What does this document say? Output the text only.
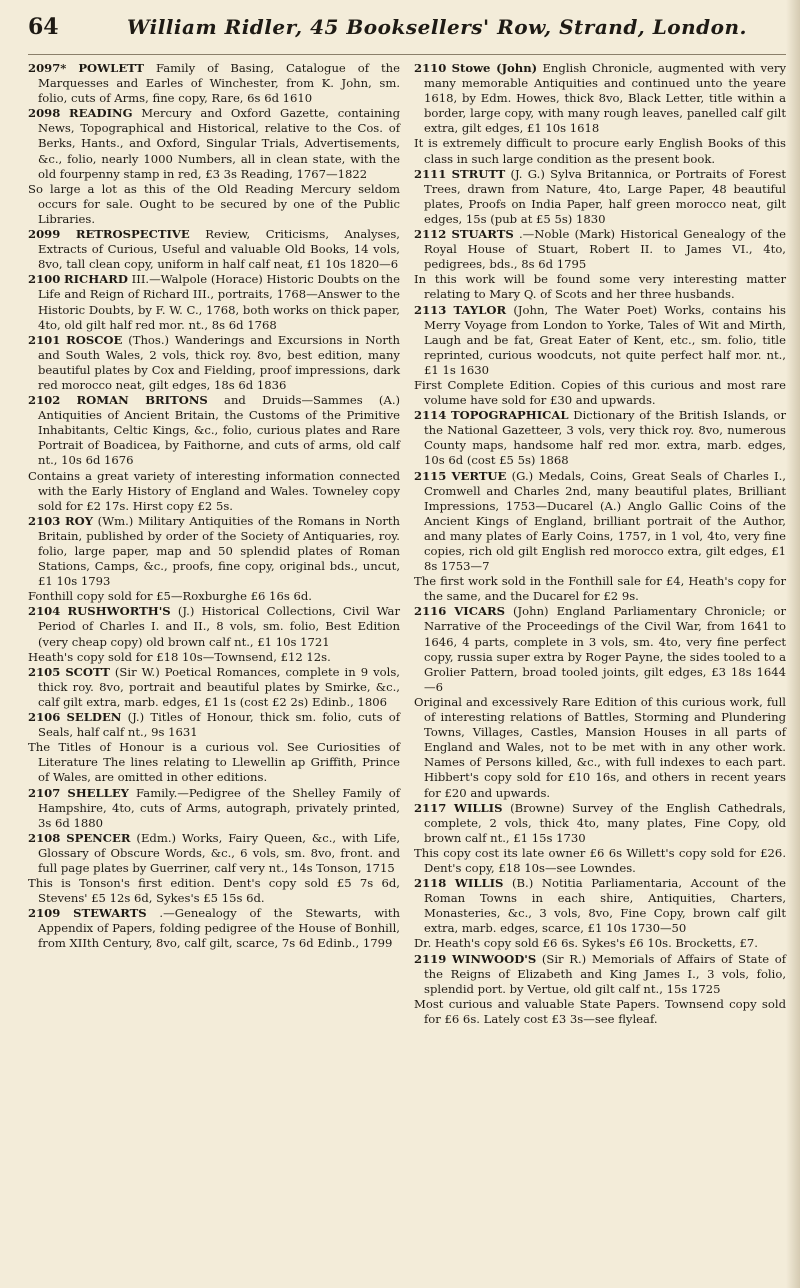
64	William Ridler, 45 Booksellers' Row, Strand, London.
2097* POWLETT Family of Basing, Catalogue of the Marquesses and Earles of Winchester, from K. John, sm. folio, cuts of Arms, fine copy, Rare, 6s 6d 1610
2098 READING Mercury and Oxford Gazette, containing News, Topographical and Historical, relative to the Cos. of Berks, Hants., and Oxford, Singular Trials, Advertisements, &c., folio, nearly 1000 Numbers, all in clean state, with the old fourpenny stamp in red, £3 3s Reading, 1767—1822
So large a lot as this of the Old Reading Mercury seldom occurs for sale. Ought to be secured by one of the Public Libraries.
2099 RETROSPECTIVE Review, Criticisms, Analyses, Extracts of Curious, Useful and valuable Old Books, 14 vols, 8vo, tall clean copy, uniform in half calf neat, £1 10s 1820—6
2100 RICHARD III.—Walpole (Horace) Historic Doubts on the Life and Reign of Richard III., portraits, 1768—Answer to the Historic Doubts, by F. W. C., 1768, both works on thick paper, 4to, old gilt half red mor. nt., 8s 6d 1768
2101 ROSCOE (Thos.) Wanderings and Excursions in North and South Wales, 2 vols, thick roy. 8vo, best edition, many beautiful plates by Cox and Fielding, proof impressions, dark red morocco neat, gilt edges, 18s 6d 1836
2102 ROMAN BRITONS and Druids—Sammes (A.) Antiquities of Ancient Britain, the Customs of the Primitive Inhabitants, Celtic Kings, &c., folio, curious plates and Rare Portrait of Boadicea, by Faithorne, and cuts of arms, old calf nt., 10s 6d 1676
Contains a great variety of interesting information connected with the Early History of England and Wales. Towneley copy sold for £2 17s. Hirst copy £2 5s.
2103 ROY (Wm.) Military Antiquities of the Romans in North Britain, published by order of the Society of Antiquaries, roy. folio, large paper, map and 50 splendid plates of Roman Stations, Camps, &c., proofs, fine copy, original bds., uncut, £1 10s 1793
Fonthill copy sold for £5—Roxburghe £6 16s 6d.
2104 RUSHWORTH'S (J.) Historical Collections, Civil War Period of Charles I. and II., 8 vols, sm. folio, Best Edition (very cheap copy) old brown calf nt., £1 10s 1721
Heath's copy sold for £18 10s—Townsend, £12 12s.
2105 SCOTT (Sir W.) Poetical Romances, complete in 9 vols, thick roy. 8vo, portrait and beautiful plates by Smirke, &c., calf gilt extra, marb. edges, £1 1s (cost £2 2s) Edinb., 1806
2106 SELDEN (J.) Titles of Honour, thick sm. folio, cuts of Seals, half calf nt., 9s 1631
The Titles of Honour is a curious vol. See Curiosities of Literature The lines relating to Llewellin ap Griffith, Prince of Wales, are omitted in other editions.
2107 SHELLEY Family.—Pedigree of the Shelley Family of Hampshire, 4to, cuts of Arms, autograph, privately printed, 3s 6d 1880
2108 SPENCER (Edm.) Works, Fairy Queen, &c., with Life, Glossary of Obscure Words, &c., 6 vols, sm. 8vo, front. and full page plates by Guerriner, calf very nt., 14s Tonson, 1715
This is Tonson's first edition. Dent's copy sold £5 7s 6d, Stevens' £5 12s 6d, Sykes's £5 15s 6d.
2109 STEWARTS .—Genealogy of the Stewarts, with Appendix of Papers, folding pedigree of the House of Bonhill, from XIIth Century, 8vo, calf gilt, scarce, 7s 6d Edinb., 1799
2110 Stowe (John) English Chronicle, augmented with very many memorable Antiquities and continued unto the yeare 1618, by Edm. Howes, thick 8vo, Black Letter, title within a border, large copy, with many rough leaves, panelled calf gilt extra, gilt edges, £1 10s 1618
It is extremely difficult to procure early English Books of this class in such large condition as the present book.
2111 STRUTT (J. G.) Sylva Britannica, or Portraits of Forest Trees, drawn from Nature, 4to, Large Paper, 48 beautiful plates, Proofs on India Paper, half green morocco neat, gilt edges, 15s (pub at £5 5s) 1830
2112 STUARTS .—Noble (Mark) Historical Genealogy of the Royal House of Stuart, Robert II. to James VI., 4to, pedigrees, bds., 8s 6d 1795
In this work will be found some very interesting matter relating to Mary Q. of Scots and her three husbands.
2113 TAYLOR (John, The Water Poet) Works, contains his Merry Voyage from London to Yorke, Tales of Wit and Mirth, Laugh and be fat, Great Eater of Kent, etc., sm. folio, title reprinted, curious woodcuts, not quite perfect half mor. nt., £1 1s 1630
First Complete Edition. Copies of this curious and most rare volume have sold for £30 and upwards.
2114 TOPOGRAPHICAL Dictionary of the British Islands, or the National Gazetteer, 3 vols, very thick roy. 8vo, numerous County maps, handsome half red mor. extra, marb. edges, 10s 6d (cost £5 5s) 1868
2115 VERTUE (G.) Medals, Coins, Great Seals of Charles I., Cromwell and Charles 2nd, many beautiful plates, Brilliant Impressions, 1753—Ducarel (A.) Anglo Gallic Coins of the Ancient Kings of England, brilliant portrait of the Author, and many plates of Early Coins, 1757, in 1 vol, 4to, very fine copies, rich old gilt English red morocco extra, gilt edges, £1 8s 1753—7
The first work sold in the Fonthill sale for £4, Heath's copy for the same, and the Ducarel for £2 9s.
2116 VICARS (John) England Parliamentary Chronicle; or Narrative of the Proceedings of the Civil War, from 1641 to 1646, 4 parts, complete in 3 vols, sm. 4to, very fine perfect copy, russia super extra by Roger Payne, the sides tooled to a Grolier Pattern, broad tooled joints, gilt edges, £3 18s 1644—6
Original and excessively Rare Edition of this curious work, full of interesting relations of Battles, Storming and Plundering Towns, Villages, Castles, Mansion Houses in all parts of England and Wales, not to be met with in any other work. Names of Persons killed, &c., with full indexes to each part. Hibbert's copy sold for £10 16s, and others in recent years for £20 and upwards.
2117 WILLIS (Browne) Survey of the English Cathedrals, complete, 2 vols, thick 4to, many plates, Fine Copy, old brown calf nt., £1 15s 1730
This copy cost its late owner £6 6s Willett's copy sold for £26. Dent's copy, £18 10s—see Lowndes.
2118 WILLIS (B.) Notitia Parliamentaria, Account of the Roman Towns in each shire, Antiquities, Charters, Monasteries, &c., 3 vols, 8vo, Fine Copy, brown calf gilt extra, marb. edges, scarce, £1 10s 1730—50
Dr. Heath's copy sold £6 6s. Sykes's £6 10s. Brocketts, £7.
2119 WINWOOD'S (Sir R.) Memorials of Affairs of State of the Reigns of Elizabeth and King James I., 3 vols, folio, splendid port. by Vertue, old gilt calf nt., 15s 1725
Most curious and valuable State Papers. Townsend copy sold for £6 6s. Lately cost £3 3s—see flyleaf.
